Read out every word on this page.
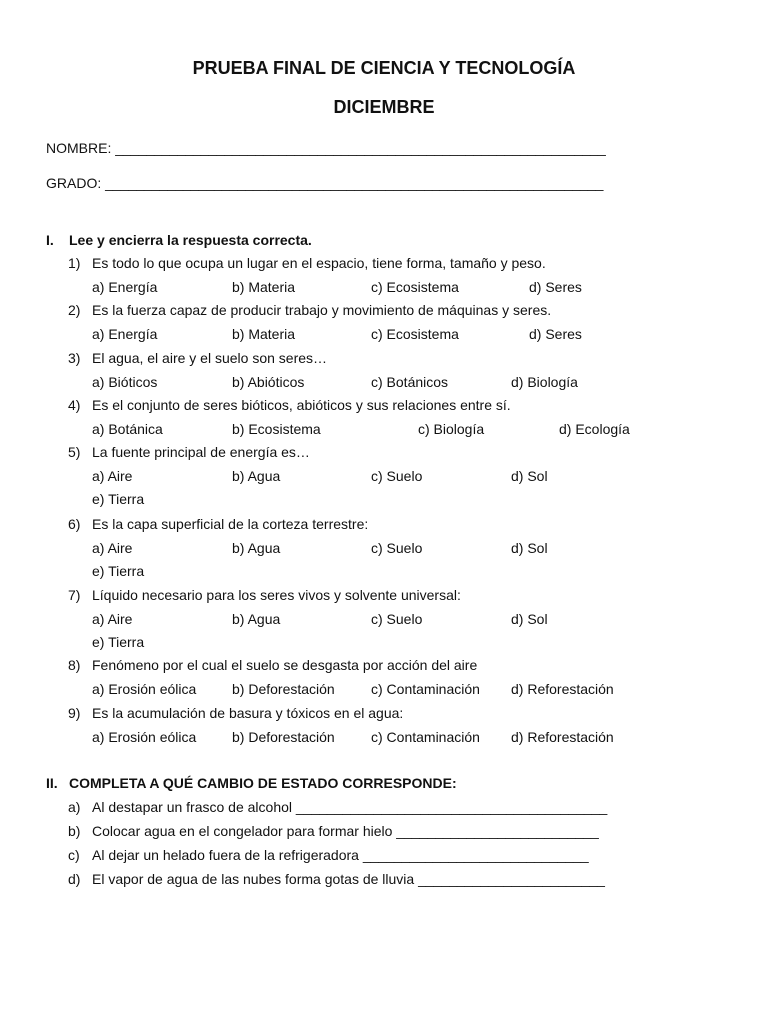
PRUEBA FINAL DE CIENCIA Y TECNOLOGÍA
DICIEMBRE
NOMBRE: _______________________________________________________________
GRADO: ________________________________________________________________
I. Lee y encierra la respuesta correcta.
1) Es todo lo que ocupa un lugar en el espacio, tiene forma, tamaño y peso.
a) Energía	b) Materia	c) Ecosistema	d) Seres
2) Es la fuerza capaz de producir trabajo y movimiento de máquinas y seres.
a) Energía	b) Materia	c) Ecosistema	d) Seres
3) El agua, el aire y el suelo son seres…
a) Bióticos	b) Abióticos	c) Botánicos	d) Biología
4) Es el conjunto de seres bióticos, abióticos y sus relaciones entre sí.
a) Botánica	b) Ecosistema	c) Biología	d) Ecología
5) La fuente principal de energía es…
a) Aire	b) Agua	c) Suelo	d) Sol
e) Tierra
6) Es la capa superficial de la corteza terrestre:
a) Aire	b) Agua	c) Suelo	d) Sol
e) Tierra
7) Líquido necesario para los seres vivos y solvente universal:
a) Aire	b) Agua	c) Suelo	d) Sol
e) Tierra
8) Fenómeno por el cual el suelo se desgasta por acción del aire
a) Erosión eólica	b) Deforestación	c) Contaminación d) Reforestación
9) Es la acumulación de basura y tóxicos en el agua:
a) Erosión eólica	b) Deforestación	c) Contaminación d) Reforestación
II. COMPLETA A QUÉ CAMBIO DE ESTADO CORRESPONDE:
a) Al destapar un frasco de alcohol ________________________________________
b) Colocar agua en el congelador para formar hielo __________________________
c) Al dejar un helado fuera de la refrigeradora _____________________________
d) El vapor de agua de las nubes forma gotas de lluvia ________________________
